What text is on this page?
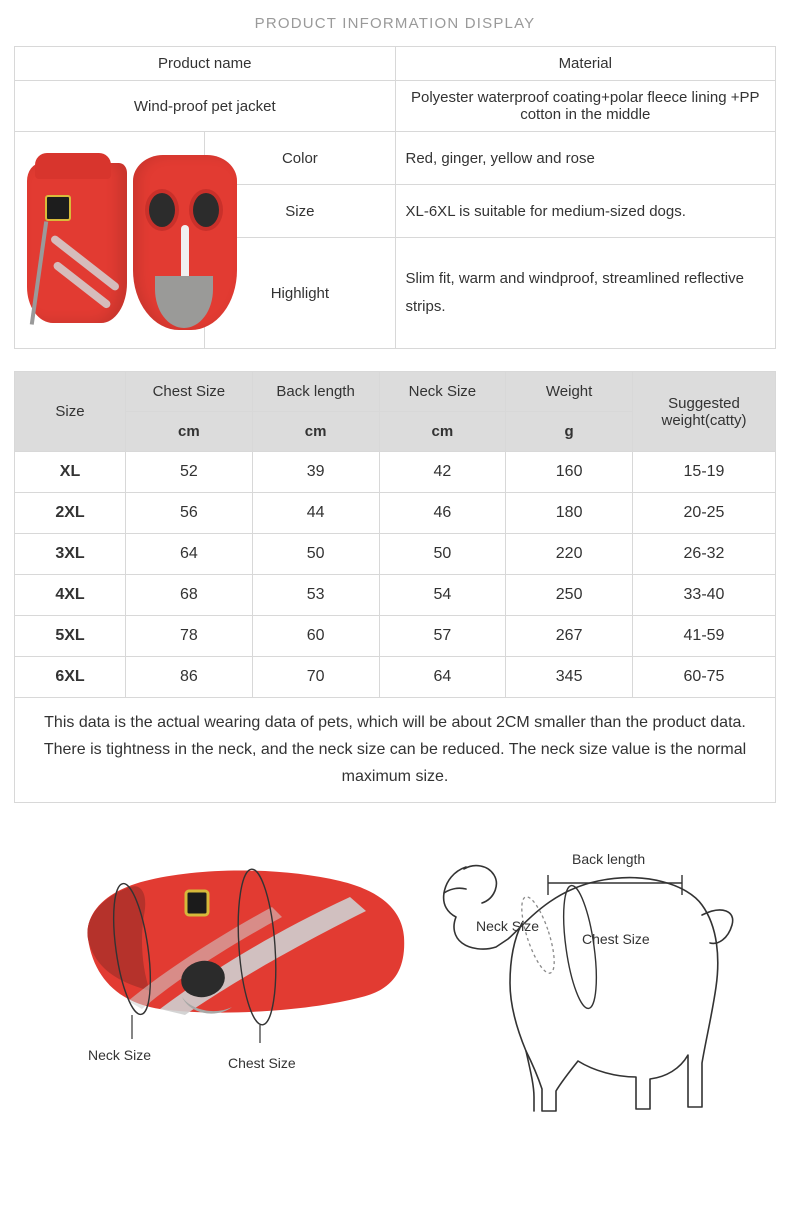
PRODUCT INFORMATION DISPLAY
Product name		Material
Wind-proof pet jacket		Polyester waterproof coating+polar fleece lining +PP cotton in the middle

	Color	Red, ginger, yellow and rose
	Size	XL-6XL is suitable for medium-sized dogs.
	Highlight	Slim fit, warm and windproof, streamlined reflective strips.
Size	Chest Size	Back length	Neck Size	Weight	Suggested weight(catty)
	cm	cm	cm	g	
XL	52	39	42	160	15-19
2XL	56	44	46	180	20-25
3XL	64	50	50	220	26-32
4XL	68	53	54	250	33-40
5XL	78	60	57	267	41-59
6XL	86	70	64	345	60-75

This data is the actual wearing data of pets, which will be about 2CM smaller than the product data.
There is tightness in the neck, and the neck size can be reduced. The neck size value is the normal maximum size.					
Neck Size	Chest Size
Back length
Neck Size
Chest Size
